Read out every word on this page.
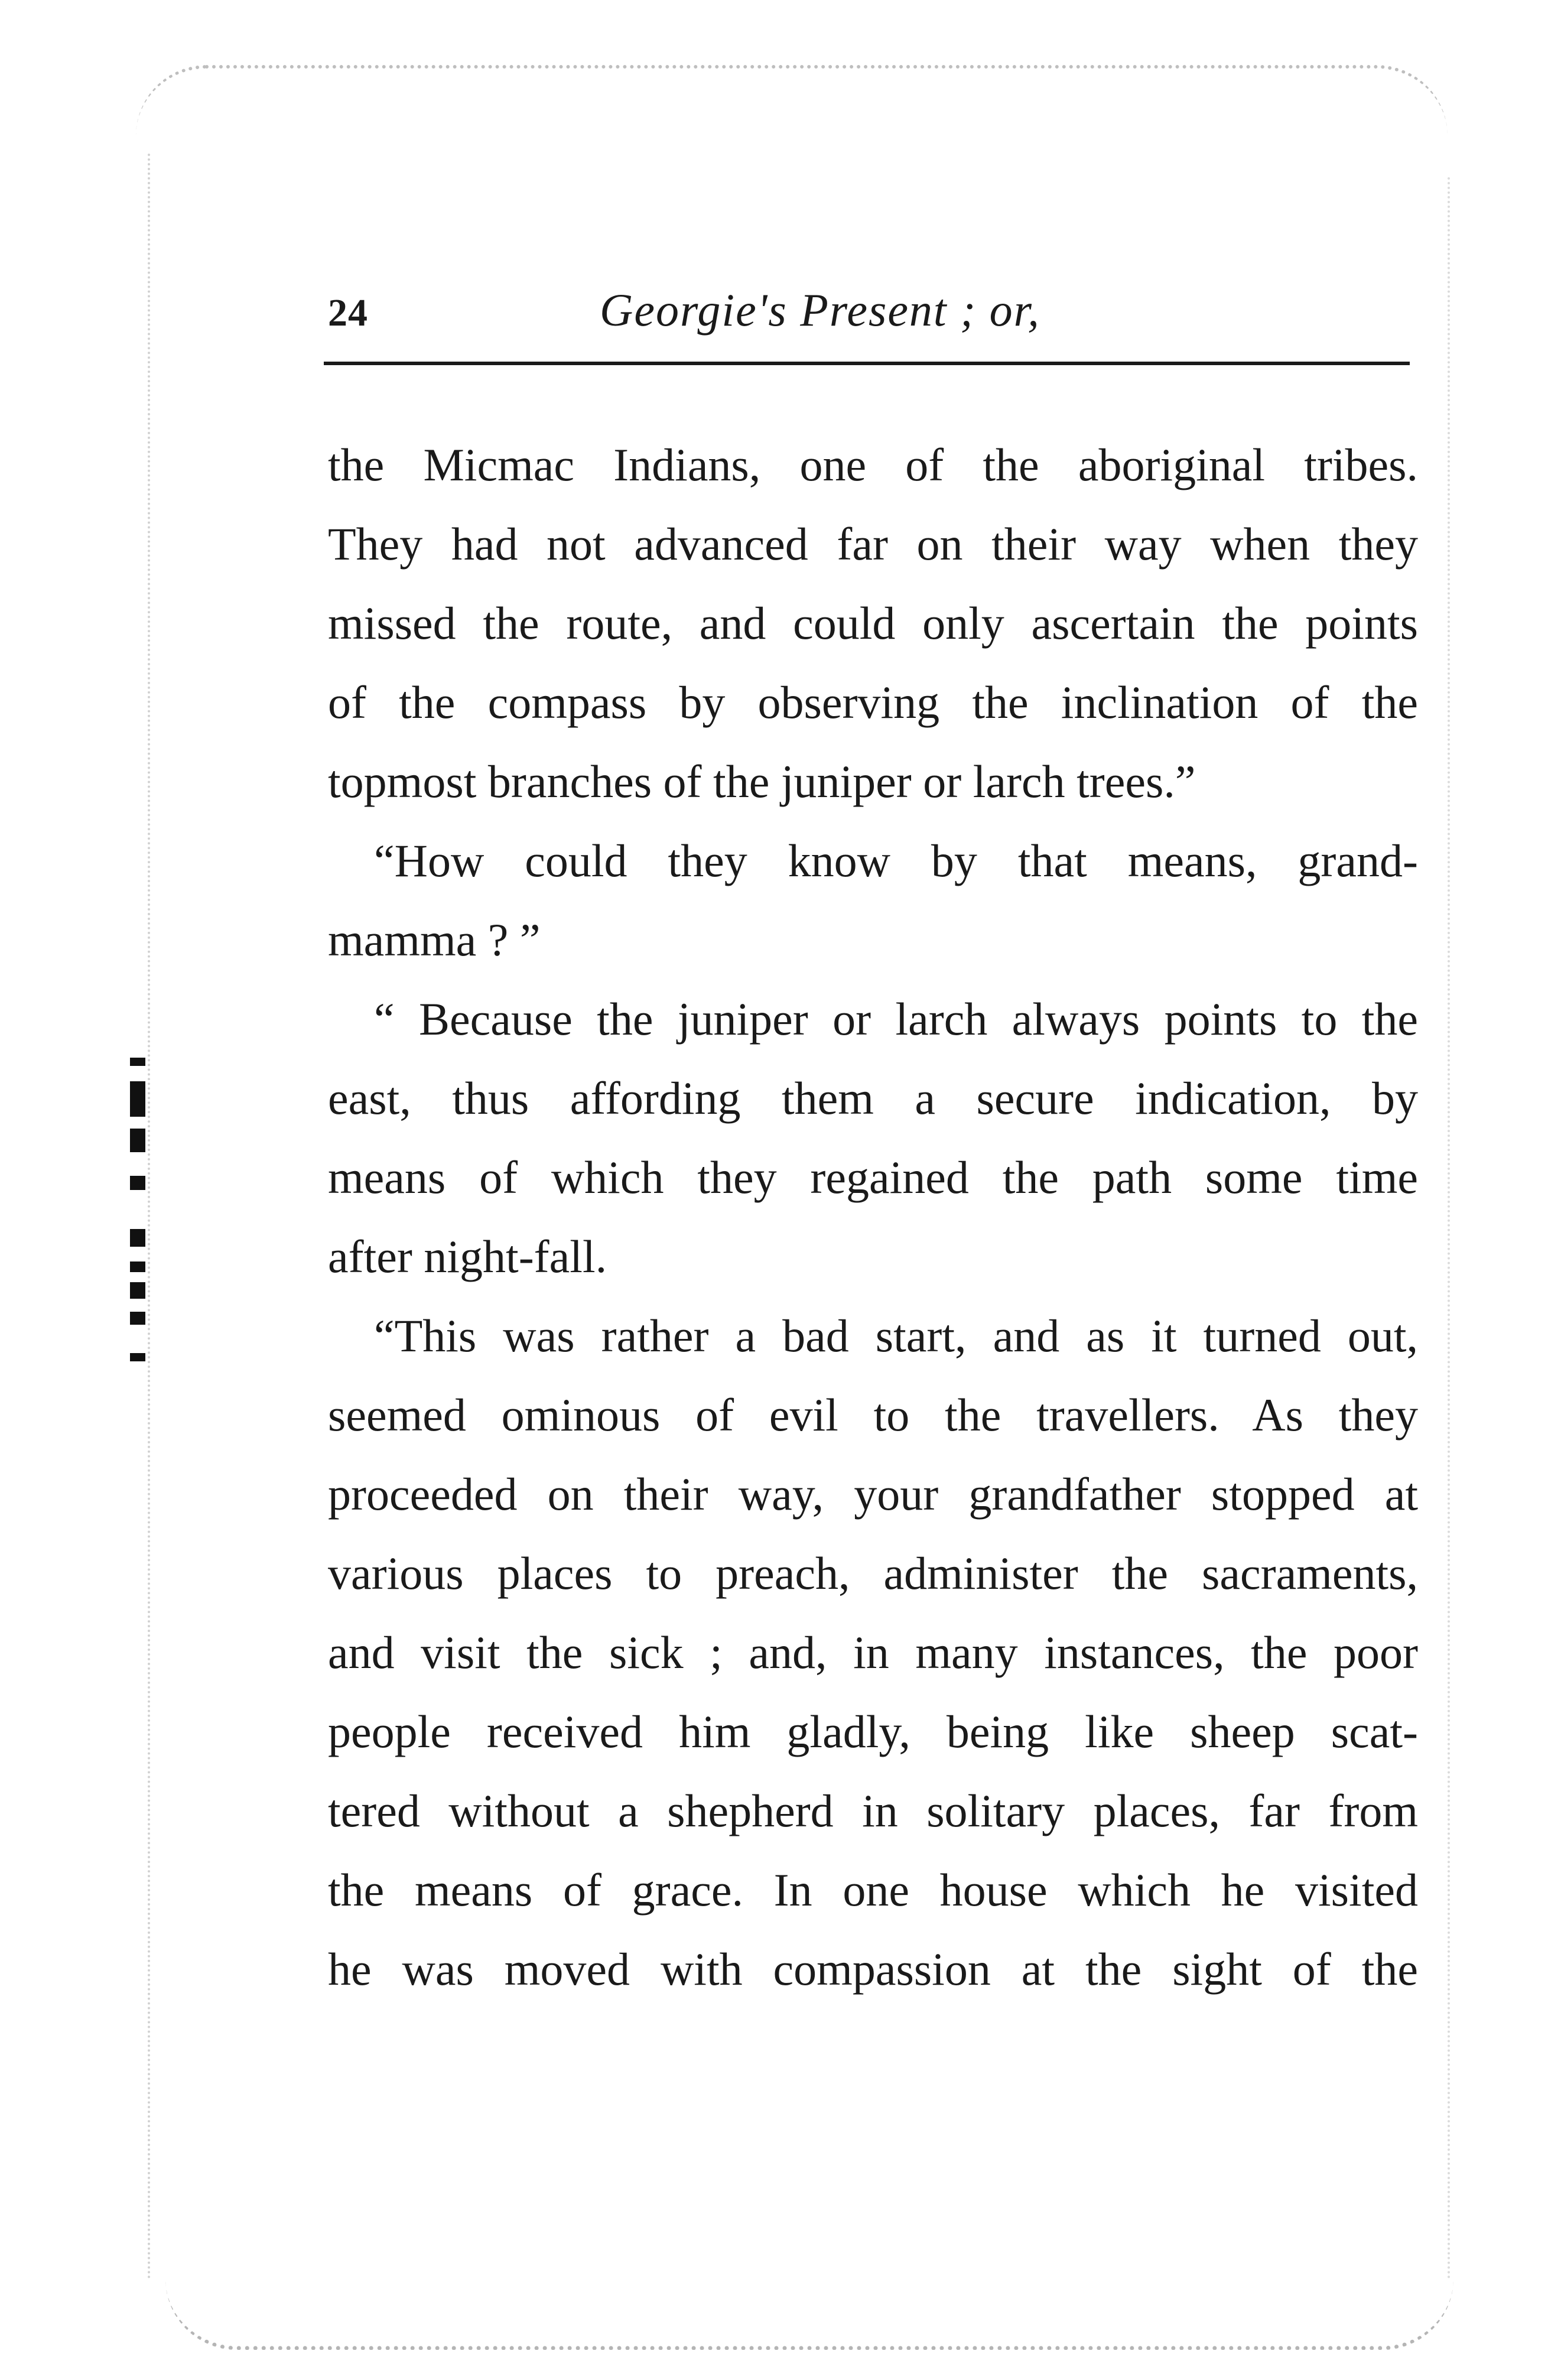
24	Georgie's Present ; or,
the Micmac Indians, one of the aboriginal tribes.
They had not advanced far on their way when they
missed the route, and could only ascertain the points
of the compass by observing the inclination of the
topmost branches of the juniper or larch trees.”
“How could they know by that means, grand-
mamma ? ”
“ Because the juniper or larch always points to the
east, thus affording them a secure indication, by
means of which they regained the path some time
after night-fall.
“This was rather a bad start, and as it turned out,
seemed ominous of evil to the travellers. As they
proceeded on their way, your grandfather stopped at
various places to preach, administer the sacraments,
and visit the sick ; and, in many instances, the poor
people received him gladly, being like sheep scat-
tered without a shepherd in solitary places, far from
the means of grace. In one house which he visited
he was moved with compassion at the sight of the
